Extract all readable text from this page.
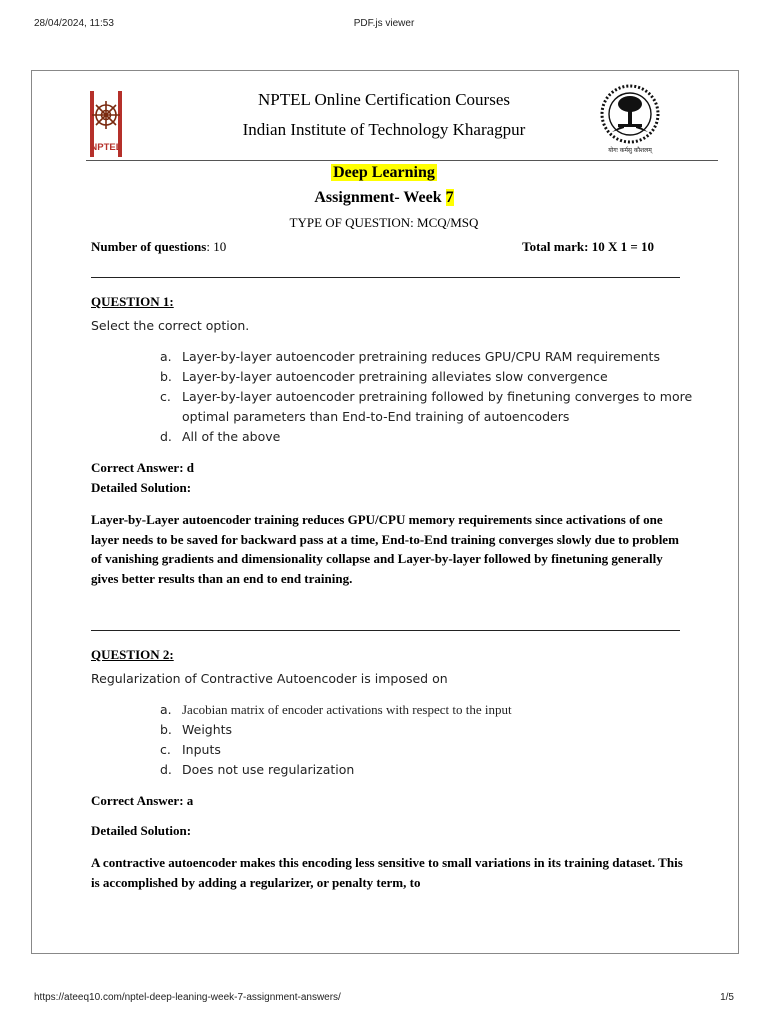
28/04/2024, 11:53	PDF.js viewer
NPTEL
NPTEL Online Certification Courses
Indian Institute of Technology Kharagpur
योगः कर्मसु कौशलम्
Deep Learning
Assignment- Week 7
TYPE OF QUESTION: MCQ/MSQ
Number of questions: 10	Total mark: 10 X 1 = 10
QUESTION 1:
Select the correct option.
a. Layer-by-layer autoencoder pretraining reduces GPU/CPU RAM requirements
b. Layer-by-layer autoencoder pretraining alleviates slow convergence
c. Layer-by-layer autoencoder pretraining followed by finetuning converges to more optimal parameters than End-to-End training of autoencoders
d. All of the above
Correct Answer: d
Detailed Solution:
Layer-by-Layer autoencoder training reduces GPU/CPU memory requirements since activations of one layer needs to be saved for backward pass at a time, End-to-End training converges slowly due to problem of vanishing gradients and dimensionality collapse and Layer-by-layer followed by finetuning generally gives better results than an end to end training.
QUESTION 2:
Regularization of Contractive Autoencoder is imposed on
a. Jacobian matrix of encoder activations with respect to the input
b. Weights
c. Inputs
d. Does not use regularization
Correct Answer: a
Detailed Solution:
A contractive autoencoder makes this encoding less sensitive to small variations in its training dataset. This is accomplished by adding a regularizer, or penalty term, to
https://ateeq10.com/nptel-deep-leaning-week-7-assignment-answers/	1/5
